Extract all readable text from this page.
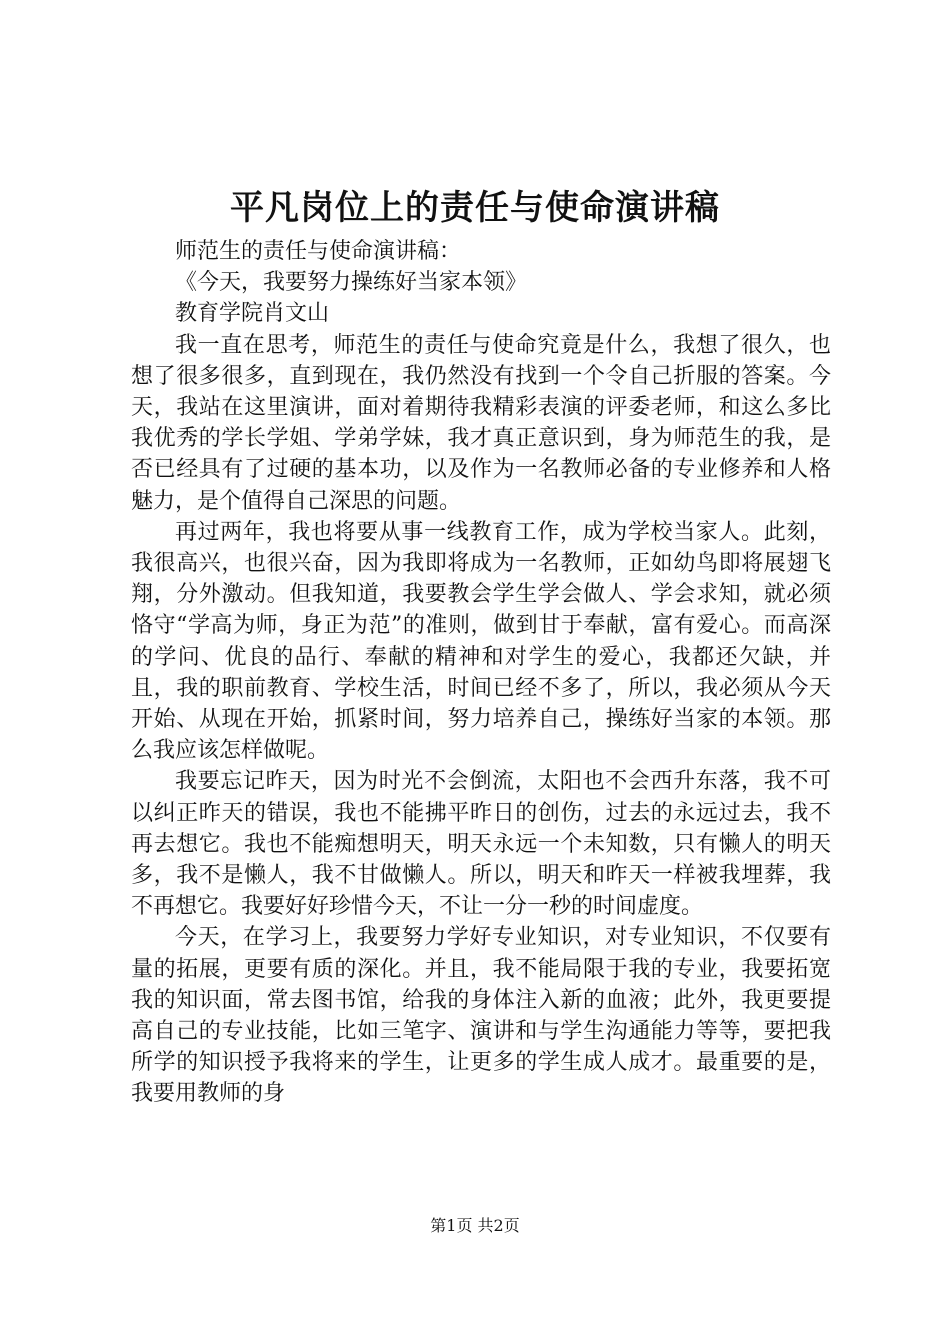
平凡岗位上的责任与使命演讲稿

师范生的责任与使命演讲稿：

《今天，我要努力操练好当家本领》

教育学院肖文山

我一直在思考，师范生的责任与使命究竟是什么，我想了很久，也想了很多很多，直到现在，我仍然没有找到一个令自己折服的答案。今天，我站在这里演讲，面对着期待我精彩表演的评委老师，和这么多比我优秀的学长学姐、学弟学妹，我才真正意识到，身为师范生的我，是否已经具有了过硬的基本功，以及作为一名教师必备的专业修养和人格魅力，是个值得自己深思的问题。

再过两年，我也将要从事一线教育工作，成为学校当家人。此刻，我很高兴，也很兴奋，因为我即将成为一名教师，正如幼鸟即将展翅飞翔，分外激动。但我知道，我要教会学生学会做人、学会求知，就必须恪守“学高为师，身正为范”的准则，做到甘于奉献，富有爱心。而高深的学问、优良的品行、奉献的精神和对学生的爱心，我都还欠缺，并且，我的职前教育、学校生活，时间已经不多了，所以，我必须从今天开始、从现在开始，抓紧时间，努力培养自己，操练好当家的本领。那么我应该怎样做呢。

我要忘记昨天，因为时光不会倒流，太阳也不会西升东落，我不可以纠正昨天的错误，我也不能拂平昨日的创伤，过去的永远过去，我不再去想它。我也不能痴想明天，明天永远一个未知数，只有懒人的明天多，我不是懒人，我不甘做懒人。所以，明天和昨天一样被我埋葬，我不再想它。我要好好珍惜今天，不让一分一秒的时间虚度。

今天，在学习上，我要努力学好专业知识，对专业知识，不仅要有量的拓展，更要有质的深化。并且，我不能局限于我的专业，我要拓宽我的知识面，常去图书馆，给我的身体注入新的血液；此外，我更要提高自己的专业技能，比如三笔字、演讲和与学生沟通能力等等，要把我所学的知识授予我将来的学生，让更多的学生成人成才。最重要的是，我要用教师的身

第1页 共2页
